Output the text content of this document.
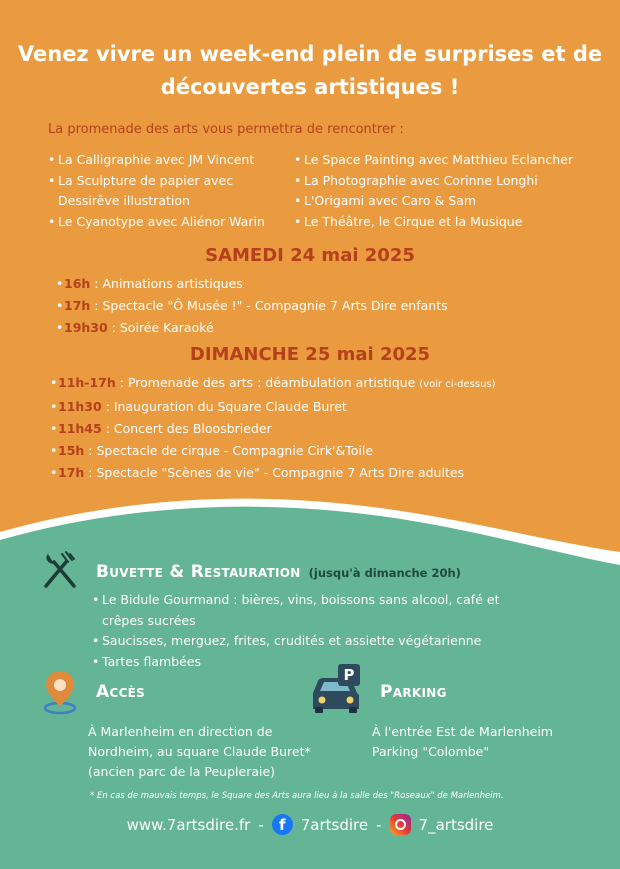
Venez vivre un week-end plein de surprises et de
découvertes artistiques !
La promenade des arts vous permettra de rencontrer :
• La Calligraphie avec JM Vincent
• La Sculpture de papier avec
Dessirêve illustration
• Le Cyanotype avec Aliénor Warin
• Le Space Painting avec Matthieu Eclancher
• La Photographie avec Corinne Longhi
• L'Origami avec Caro & Sam
• Le Théâtre, le Cirque et la Musique
SAMEDI 24 mai 2025
• 16h : Animations artistiques
• 17h : Spectacle "Ô Musée !" - Compagnie 7 Arts Dire enfants
• 19h30 : Soirée Karaoké
DIMANCHE 25 mai 2025
• 11h-17h : Promenade des arts : déambulation artistique (voir ci-dessus)
• 11h30 : Inauguration du Square Claude Buret
• 11h45 : Concert des Bloosbrieder
• 15h : Spectacle de cirque - Compagnie Cirk'&Toile
• 17h : Spectacle "Scènes de vie" - Compagnie 7 Arts Dire adultes
Buvette & Restauration (jusqu'à dimanche 20h)
• Le Bidule Gourmand : bières, vins, boissons sans alcool, café et crêpes sucrées
• Saucisses, merguez, frites, crudités et assiette végétarienne
• Tartes flambées
Accès
À Marlenheim en direction de
Nordheim, au square Claude Buret*
(ancien parc de la Peupleraie)
P
Parking
À l'entrée Est de Marlenheim
Parking "Colombe"
* En cas de mauvais temps, le Square des Arts aura lieu à la salle des "Roseaux" de Marlenheim.
www.7artsdire.fr -	f	7artsdire - 7_artsdire
